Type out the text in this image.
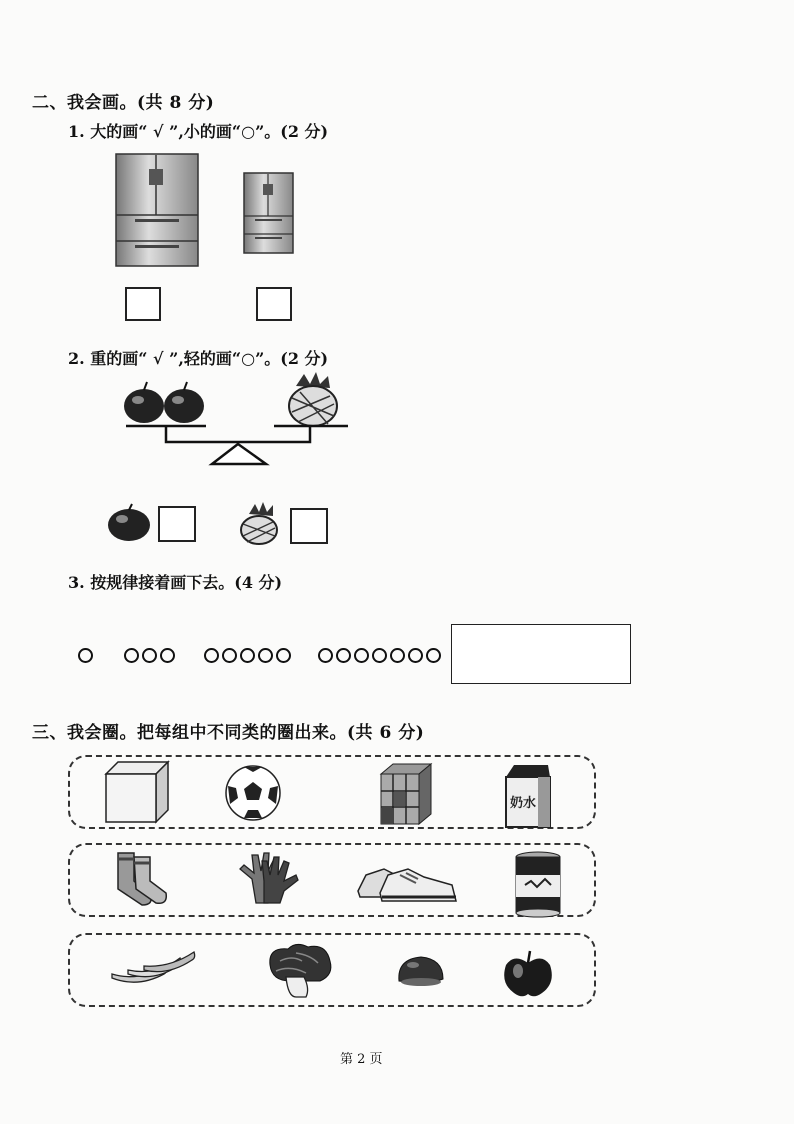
二、我会画。(共 8 分)
1. 大的画“ √ ”,小的画“○”。(2 分)
2. 重的画“ √ ”,轻的画“○”。(2 分)
3. 按规律接着画下去。(4 分)
三、我会圈。把每组中不同类的圈出来。(共 6 分)
奶水
第 2 页
